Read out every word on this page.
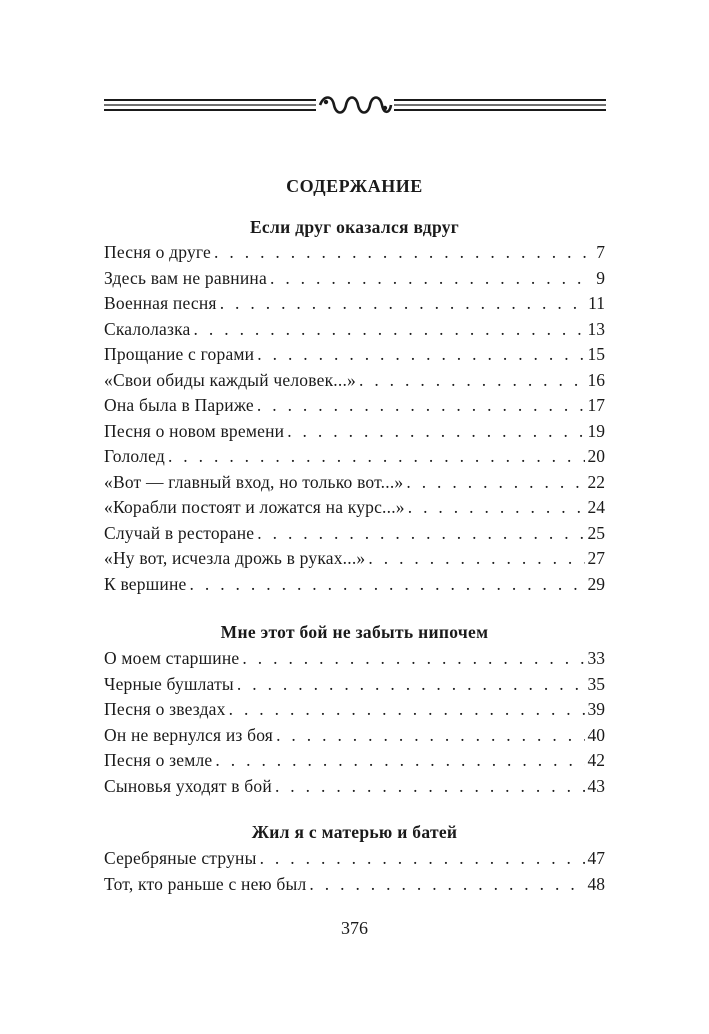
СОДЕРЖАНИЕ
Если друг оказался вдруг
Песня о друге . . .	7
Здесь вам не равнина . . .	9
Военная песня . . .	11
Скалолазка . . .	13
Прощание с горами . . .	15
«Свои обиды каждый человек...» . . .	16
Она была в Париже . . .	17
Песня о новом времени . . .	19
Гололед . . .	20
«Вот — главный вход, но только вот...» . . .	22
«Корабли постоят и ложатся на курс...» . . .	24
Случай в ресторане . . .	25
«Ну вот, исчезла дрожь в руках...» . . .	27
К вершине . . .	29
Мне этот бой не забыть нипочем
О моем старшине . . .	33
Черные бушлаты . . .	35
Песня о звездах . . .	39
Он не вернулся из боя . . .	40
Песня о земле . . .	42
Сыновья уходят в бой . . .	43
Жил я с матерью и батей
Серебряные струны . . .	47
Тот, кто раньше с нею был . . .	48
376
